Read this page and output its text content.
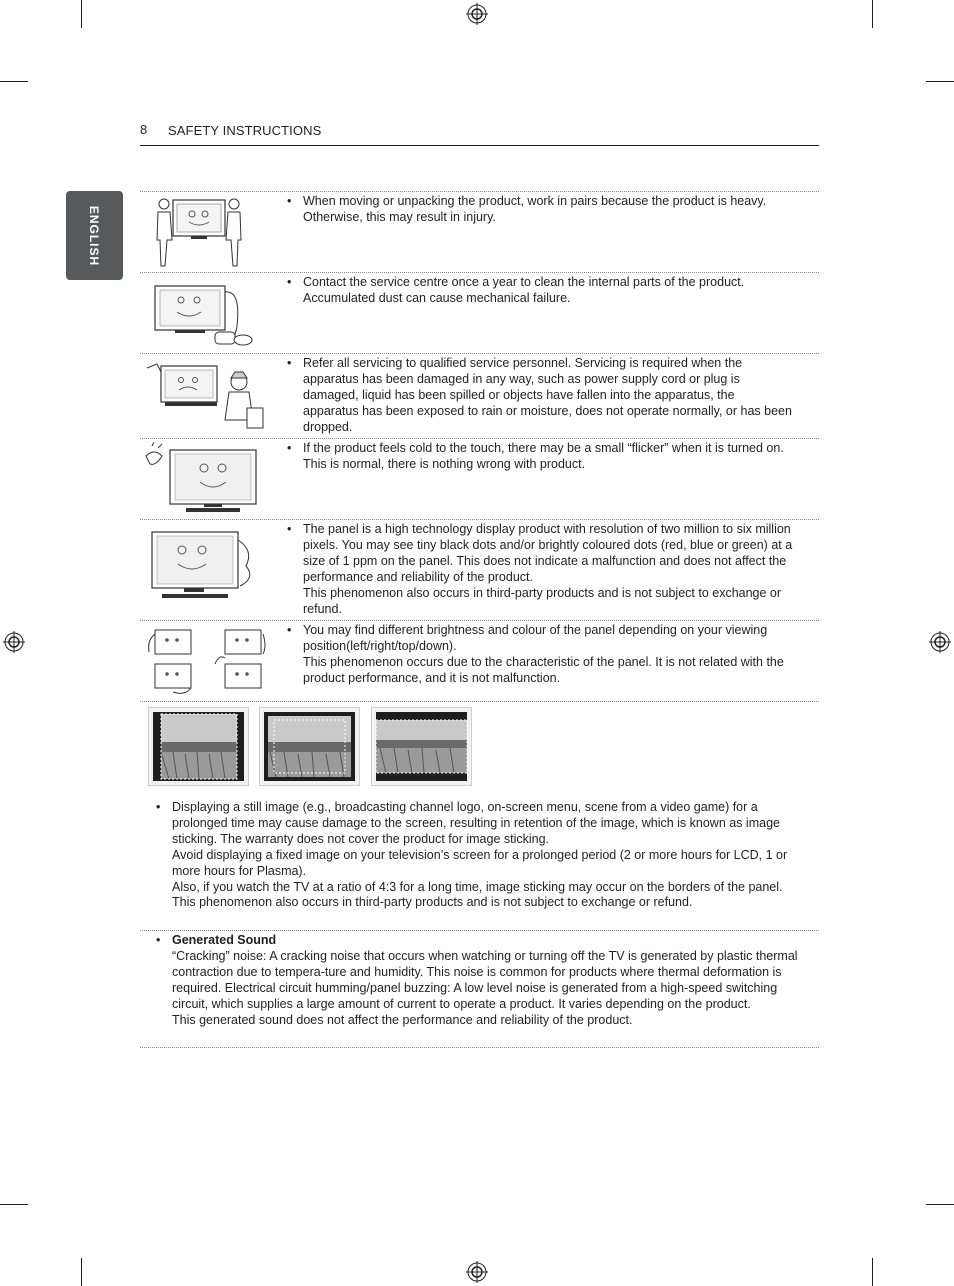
8 SAFETY INSTRUCTIONS
ENGLISH
• When moving or unpacking the product, work in pairs because the product is heavy. Otherwise, this may result in injury.

• Contact the service centre once a year to clean the internal parts of the product. Accumulated dust can cause mechanical failure.

• Refer all servicing to qualified service personnel. Servicing is required when the apparatus has been damaged in any way, such as power supply cord or plug is damaged, liquid has been spilled or objects have fallen into the apparatus, the apparatus has been exposed to rain or moisture, does not operate normally, or has been dropped.

• If the product feels cold to the touch, there may be a small “flicker” when it is turned on. This is normal, there is nothing wrong with product.

• The panel is a high technology display product with resolution of two million to six million pixels. You may see tiny black dots and/or brightly coloured dots (red, blue or green) at a size of 1 ppm on the panel. This does not indicate a malfunction and does not affect the performance and reliability of the product.

This phenomenon also occurs in third-party products and is not subject to exchange or refund.

• You may find different brightness and colour of the panel depending on your viewing position(left/right/top/down).

This phenomenon occurs due to the characteristic of the panel. It is not related with the product performance, and it is not malfunction.

• Displaying a still image (e.g., broadcasting channel logo, on-screen menu, scene from a video game) for a prolonged time may cause damage to the screen, resulting in retention of the image, which is known as image sticking. The warranty does not cover the product for image sticking.

Avoid displaying a fixed image on your television’s screen for a prolonged period (2 or more hours for LCD, 1 or more hours for Plasma).

Also, if you watch the TV at a ratio of 4:3 for a long time, image sticking may occur on the borders of the panel.

This phenomenon also occurs in third-party products and is not subject to exchange or refund.

• Generated Sound

“Cracking” noise: A cracking noise that occurs when watching or turning off the TV is generated by plastic thermal contraction due to tempera-ture and humidity. This noise is common for products where thermal deformation is required. Electrical circuit humming/panel buzzing: A low level noise is generated from a high-speed switching circuit, which supplies a large amount of current to operate a product. It varies depending on the product.

This generated sound does not affect the performance and reliability of the product.
